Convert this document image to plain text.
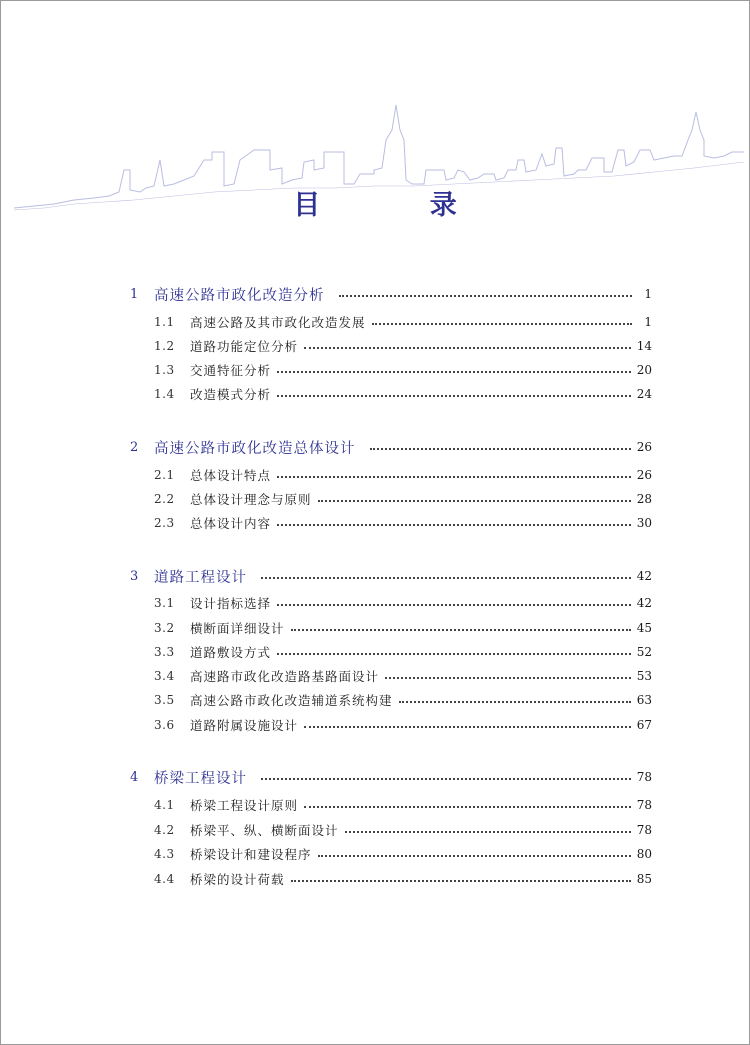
目 录
1	高速公路市政化改造分析	1
1.1	高速公路及其市政化改造发展	1
1.2	道路功能定位分析	14
1.3	交通特征分析	20
1.4	改造模式分析	24
2	高速公路市政化改造总体设计	26
2.1	总体设计特点	26
2.2	总体设计理念与原则	28
2.3	总体设计内容	30
3	道路工程设计	42
3.1	设计指标选择	42
3.2	横断面详细设计	45
3.3	道路敷设方式	52
3.4	高速路市政化改造路基路面设计	53
3.5	高速公路市政化改造辅道系统构建	63
3.6	道路附属设施设计	67
4	桥梁工程设计	78
4.1	桥梁工程设计原则	78
4.2	桥梁平、纵、横断面设计	78
4.3	桥梁设计和建设程序	80
4.4	桥梁的设计荷载	85
